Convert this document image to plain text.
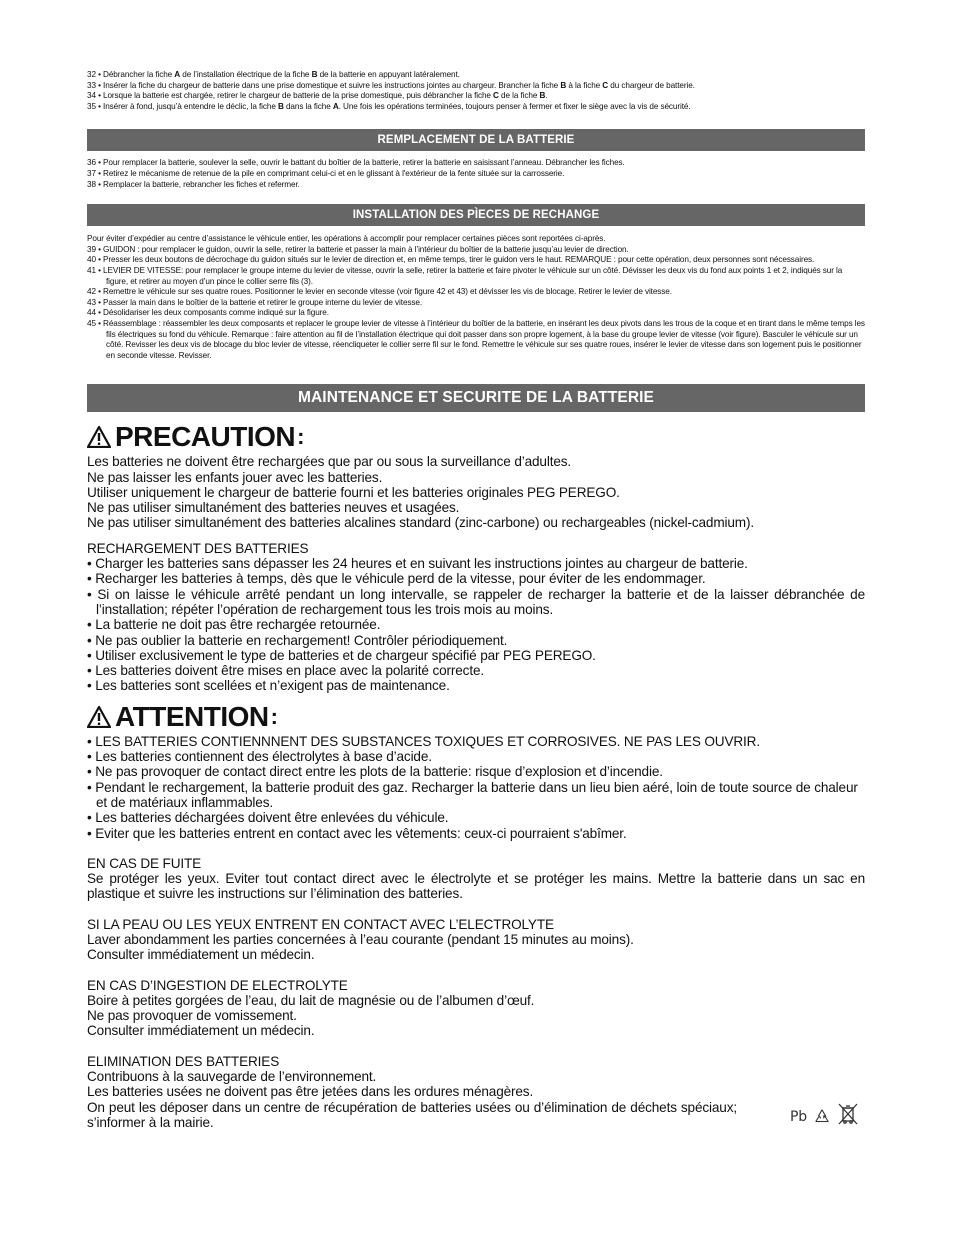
32 • Débrancher la fiche A de l’installation électrique de la fiche B de la batterie en appuyant latéralement.

33 • Insérer la fiche du chargeur de batterie dans une prise domestique et suivre les instructions jointes au chargeur. Brancher la fiche B à la fiche C du chargeur de batterie.

34 • Lorsque la batterie est chargée, retirer le chargeur de batterie de la prise domestique, puis débrancher la fiche C de la fiche B.

35 • Insérer à fond, jusqu’à entendre le déclic, la fiche B dans la fiche A. Une fois les opérations terminées, toujours penser à fermer et fixer le siège avec la vis de sécurité.

REMPLACEMENT DE LA BATTERIE

36 • Pour remplacer la batterie, soulever la selle, ouvrir le battant du boîtier de la batterie, retirer la batterie en saisissant l’anneau. Débrancher les fiches.

37 • Retirez le mécanisme de retenue de la pile en comprimant celui-ci et en le glissant à l'extérieur de la fente située sur la carrosserie.

38 • Remplacer la batterie, rebrancher les fiches et refermer.

INSTALLATION DES PÌECES DE RECHANGE

Pour éviter d’expédier au centre d’assistance le véhicule entier, les opérations à accomplir pour remplacer certaines pièces sont reportées ci-après.

39 • GUIDON : pour remplacer le guidon, ouvrir la selle, retirer la batterie et passer la main à l’intérieur du boîtier de la batterie jusqu’au levier de direction.

40 • Presser les deux boutons de décrochage du guidon situés sur le levier de direction et, en même temps, tirer le guidon vers le haut. REMARQUE : pour cette opération, deux personnes sont nécessaires.

41 • LEVIER DE VITESSE: pour remplacer le groupe interne du levier de vitesse, ouvrir la selle, retirer la batterie et faire pivoter le véhicule sur un côté. Dévisser les deux vis du fond aux points 1 et 2, indiqués sur la figure, et retirer au moyen d’un pince le collier serre fils (3).

42 • Remettre le véhicule sur ses quatre roues. Positionner le levier en seconde vitesse (voir figure 42 et 43) et dévisser les vis de blocage. Retirer le levier de vitesse.

43 • Passer la main dans le boîtier de la batterie et retirer le groupe interne du levier de vitesse.

44 • Désolidariser les deux composants comme indiqué sur la figure.

45 • Réassemblage : réassembler les deux composants et replacer le groupe levier de vitesse à l’intérieur du boîtier de la batterie, en insérant les deux pivots dans les trous de la coque et en tirant dans le même temps les fils électriques su fond du véhicule. Remarque : faire attention au fil de l’installation électrique qui doit passer dans son propre logement, à la base du groupe levier de vitesse (voir figure). Basculer le véhicule sur un côté. Revisser les deux vis de blocage du bloc levier de vitesse, réencliqueter le collier serre fil sur le fond. Remettre le véhicule sur ses quatre roues, insérer le levier de vitesse dans son logement puis le positionner en seconde vitesse. Revisser.

MAINTENANCE ET SECURITE DE LA BATTERIE
PRECAUTION :

Les batteries ne doivent être rechargées que par ou sous la surveillance d’adultes.

Ne pas laisser les enfants jouer avec les batteries.

Utiliser uniquement le chargeur de batterie fourni et les batteries originales PEG PEREGO.

Ne pas utiliser simultanément des batteries neuves et usagées.

Ne pas utiliser simultanément des batteries alcalines standard (zinc-carbone) ou rechargeables (nickel-cadmium).

RECHARGEMENT DES BATTERIES

• Charger les batteries sans dépasser les 24 heures et en suivant les instructions jointes au chargeur de batterie.

• Recharger les batteries à temps, dès que le véhicule perd de la vitesse, pour éviter de les endommager.

• Si on laisse le véhicule arrêté pendant un long intervalle, se rappeler de recharger la batterie et de la laisser débranchée de l’installation; répéter l’opération de rechargement tous les trois mois au moins.

• La batterie ne doit pas être rechargée retournée.

• Ne pas oublier la batterie en rechargement! Contrôler périodiquement.

• Utiliser exclusivement le type de batteries et de chargeur spécifié par PEG PEREGO.

• Les batteries doivent être mises en place avec la polarité correcte.

• Les batteries sont scellées et n’exigent pas de maintenance.

ATTENTION :

• LES BATTERIES CONTIENNNENT DES SUBSTANCES TOXIQUES ET CORROSIVES. NE PAS LES OUVRIR.

• Les batteries contiennent des électrolytes à base d’acide.

• Ne pas provoquer de contact direct entre les plots de la batterie: risque d’explosion et d’incendie.

• Pendant le rechargement, la batterie produit des gaz. Recharger la batterie dans un lieu bien aéré, loin de toute source de chaleur et de matériaux inflammables.

• Les batteries déchargées doivent être enlevées du véhicule.

• Eviter que les batteries entrent en contact avec les vêtements: ceux-ci pourraient s'abîmer.

EN CAS DE FUITE

Se protéger les yeux. Eviter tout contact direct avec le électrolyte et se protéger les mains. Mettre la batterie dans un sac en plastique et suivre les instructions sur l’élimination des batteries.

SI LA PEAU OU LES YEUX ENTRENT EN CONTACT AVEC L’ELECTROLYTE

Laver abondamment les parties concernées à l’eau courante (pendant 15 minutes au moins).

Consulter immédiatement un médecin.

EN CAS D’INGESTION DE ELECTROLYTE

Boire à petites gorgées de l’eau, du lait de magnésie ou de l’albumen d’œuf.

Ne pas provoquer de vomissement.

Consulter immédiatement un médecin.

ELIMINATION DES BATTERIES

Contribuons à la sauvegarde de l’environnement.

Les batteries usées ne doivent pas être jetées dans les ordures ménagères.

On peut les déposer dans un centre de récupération de batteries usées ou d’élimination de déchets spéciaux; s’informer à la mairie.	Pb
